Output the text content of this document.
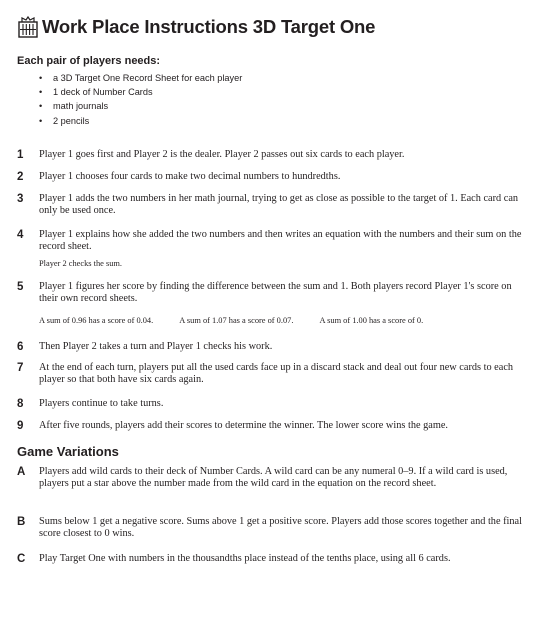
Work Place Instructions 3D Target One
Each pair of players needs:
• a 3D Target One Record Sheet for each player
• 1 deck of Number Cards
• math journals
• 2 pencils
1	Player 1 goes first and Player 2 is the dealer. Player 2 passes out six cards to each player.
2	Player 1 chooses four cards to make two decimal numbers to hundredths.
3	Player 1 adds the two numbers in her math journal, trying to get as close as possible to the target of 1. Each card can only be used once.
4	Player 1 explains how she added the two numbers and then writes an equation with the numbers and their sum on the record sheet.
Player 2 checks the sum.
5	Player 1 figures her score by finding the difference between the sum and 1. Both players record Player 1's score on their own record sheets.
A sum of 0.96 has a score of 0.04.	A sum of 1.07 has a score of 0.07.	A sum of 1.00 has a score of 0.
6	Then Player 2 takes a turn and Player 1 checks his work.
7	At the end of each turn, players put all the used cards face up in a discard stack and deal out four new cards to each player so that both have six cards again.
8	Players continue to take turns.
9	After five rounds, players add their scores to determine the winner. The lower score wins the game.
Game Variations
A	Players add wild cards to their deck of Number Cards. A wild card can be any numeral 0–9. If a wild card is used, players put a star above the number made from the wild card in the equation on the record sheet.
B	Sums below 1 get a negative score. Sums above 1 get a positive score. Players add those scores together and the final score closest to 0 wins.
C	Play Target One with numbers in the thousandths place instead of the tenths place, using all 6 cards.
